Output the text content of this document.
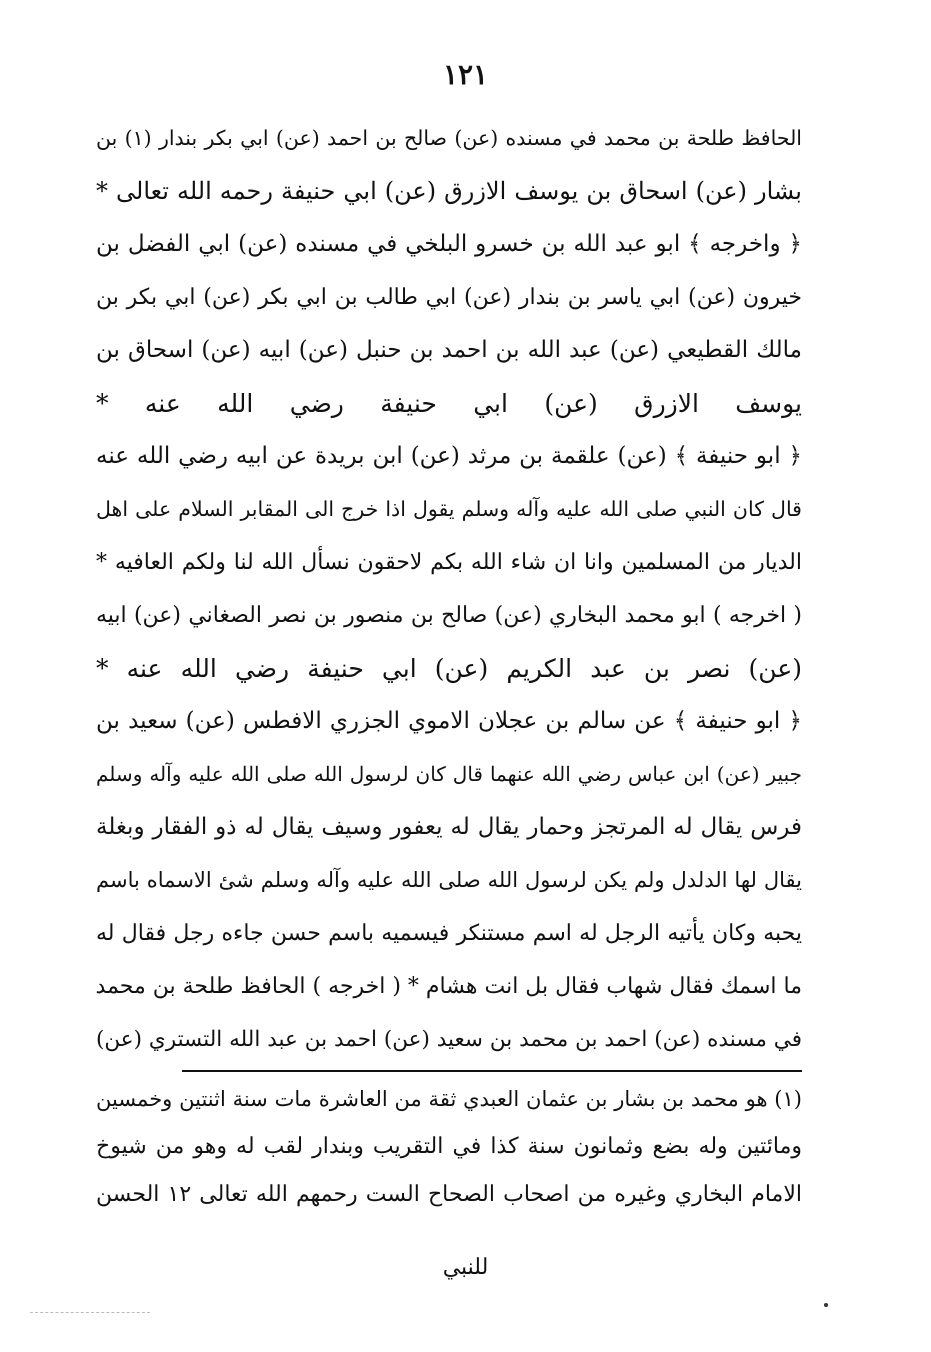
١٢١
الحافظ طلحة بن محمد في مسنده (عن) صالح بن احمد (عن) ابي بكر بندار (١) بن
بشار (عن) اسحاق بن يوسف الازرق (عن) ابي حنيفة رحمه الله تعالى *
﴿ واخرجه ﴾ ابو عبد الله بن خسرو البلخي في مسنده (عن) ابي الفضل بن
خيرون (عن) ابي ياسر بن بندار (عن) ابي طالب بن ابي بكر (عن) ابي بكر بن
مالك القطيعي (عن) عبد الله بن احمد بن حنبل (عن) ابيه (عن) اسحاق بن
يوسف الازرق (عن) ابي حنيفة رضي الله عنه *
﴿ ابو حنيفة ﴾ (عن) علقمة بن مرثد (عن) ابن بريدة عن ابيه رضي الله عنه
قال كان النبي صلى الله عليه وآله وسلم يقول اذا خرج الى المقابر السلام على اهل
الديار من المسلمين وانا ان شاء الله بكم لاحقون نسأل الله لنا ولكم العافيه *
( اخرجه ) ابو محمد البخاري (عن) صالح بن منصور بن نصر الصغاني (عن) ابيه
(عن) نصر بن عبد الكريم (عن) ابي حنيفة رضي الله عنه *
﴿ ابو حنيفة ﴾ عن سالم بن عجلان الاموي الجزري الافطس (عن) سعيد بن
جبير (عن) ابن عباس رضي الله عنهما قال كان لرسول الله صلى الله عليه وآله وسلم
فرس يقال له المرتجز وحمار يقال له يعفور وسيف يقال له ذو الفقار وبغلة
يقال لها الدلدل ولم يكن لرسول الله صلى الله عليه وآله وسلم شئ الاسماه باسم
يحبه وكان يأتيه الرجل له اسم مستنكر فيسميه باسم حسن جاءه رجل فقال له
ما اسمك فقال شهاب فقال بل انت هشام * ( اخرجه ) الحافظ طلحة بن محمد
في مسنده (عن) احمد بن محمد بن سعيد (عن) احمد بن عبد الله التستري (عن)
(١) هو محمد بن بشار بن عثمان العبدي ثقة من العاشرة مات سنة اثنتين وخمسين
ومائتين وله بضع وثمانون سنة كذا في التقريب وبندار لقب له وهو من شيوخ
الامام البخاري وغيره من اصحاب الصحاح الست رحمهم الله تعالى ١٢ الحسن
للنبي
